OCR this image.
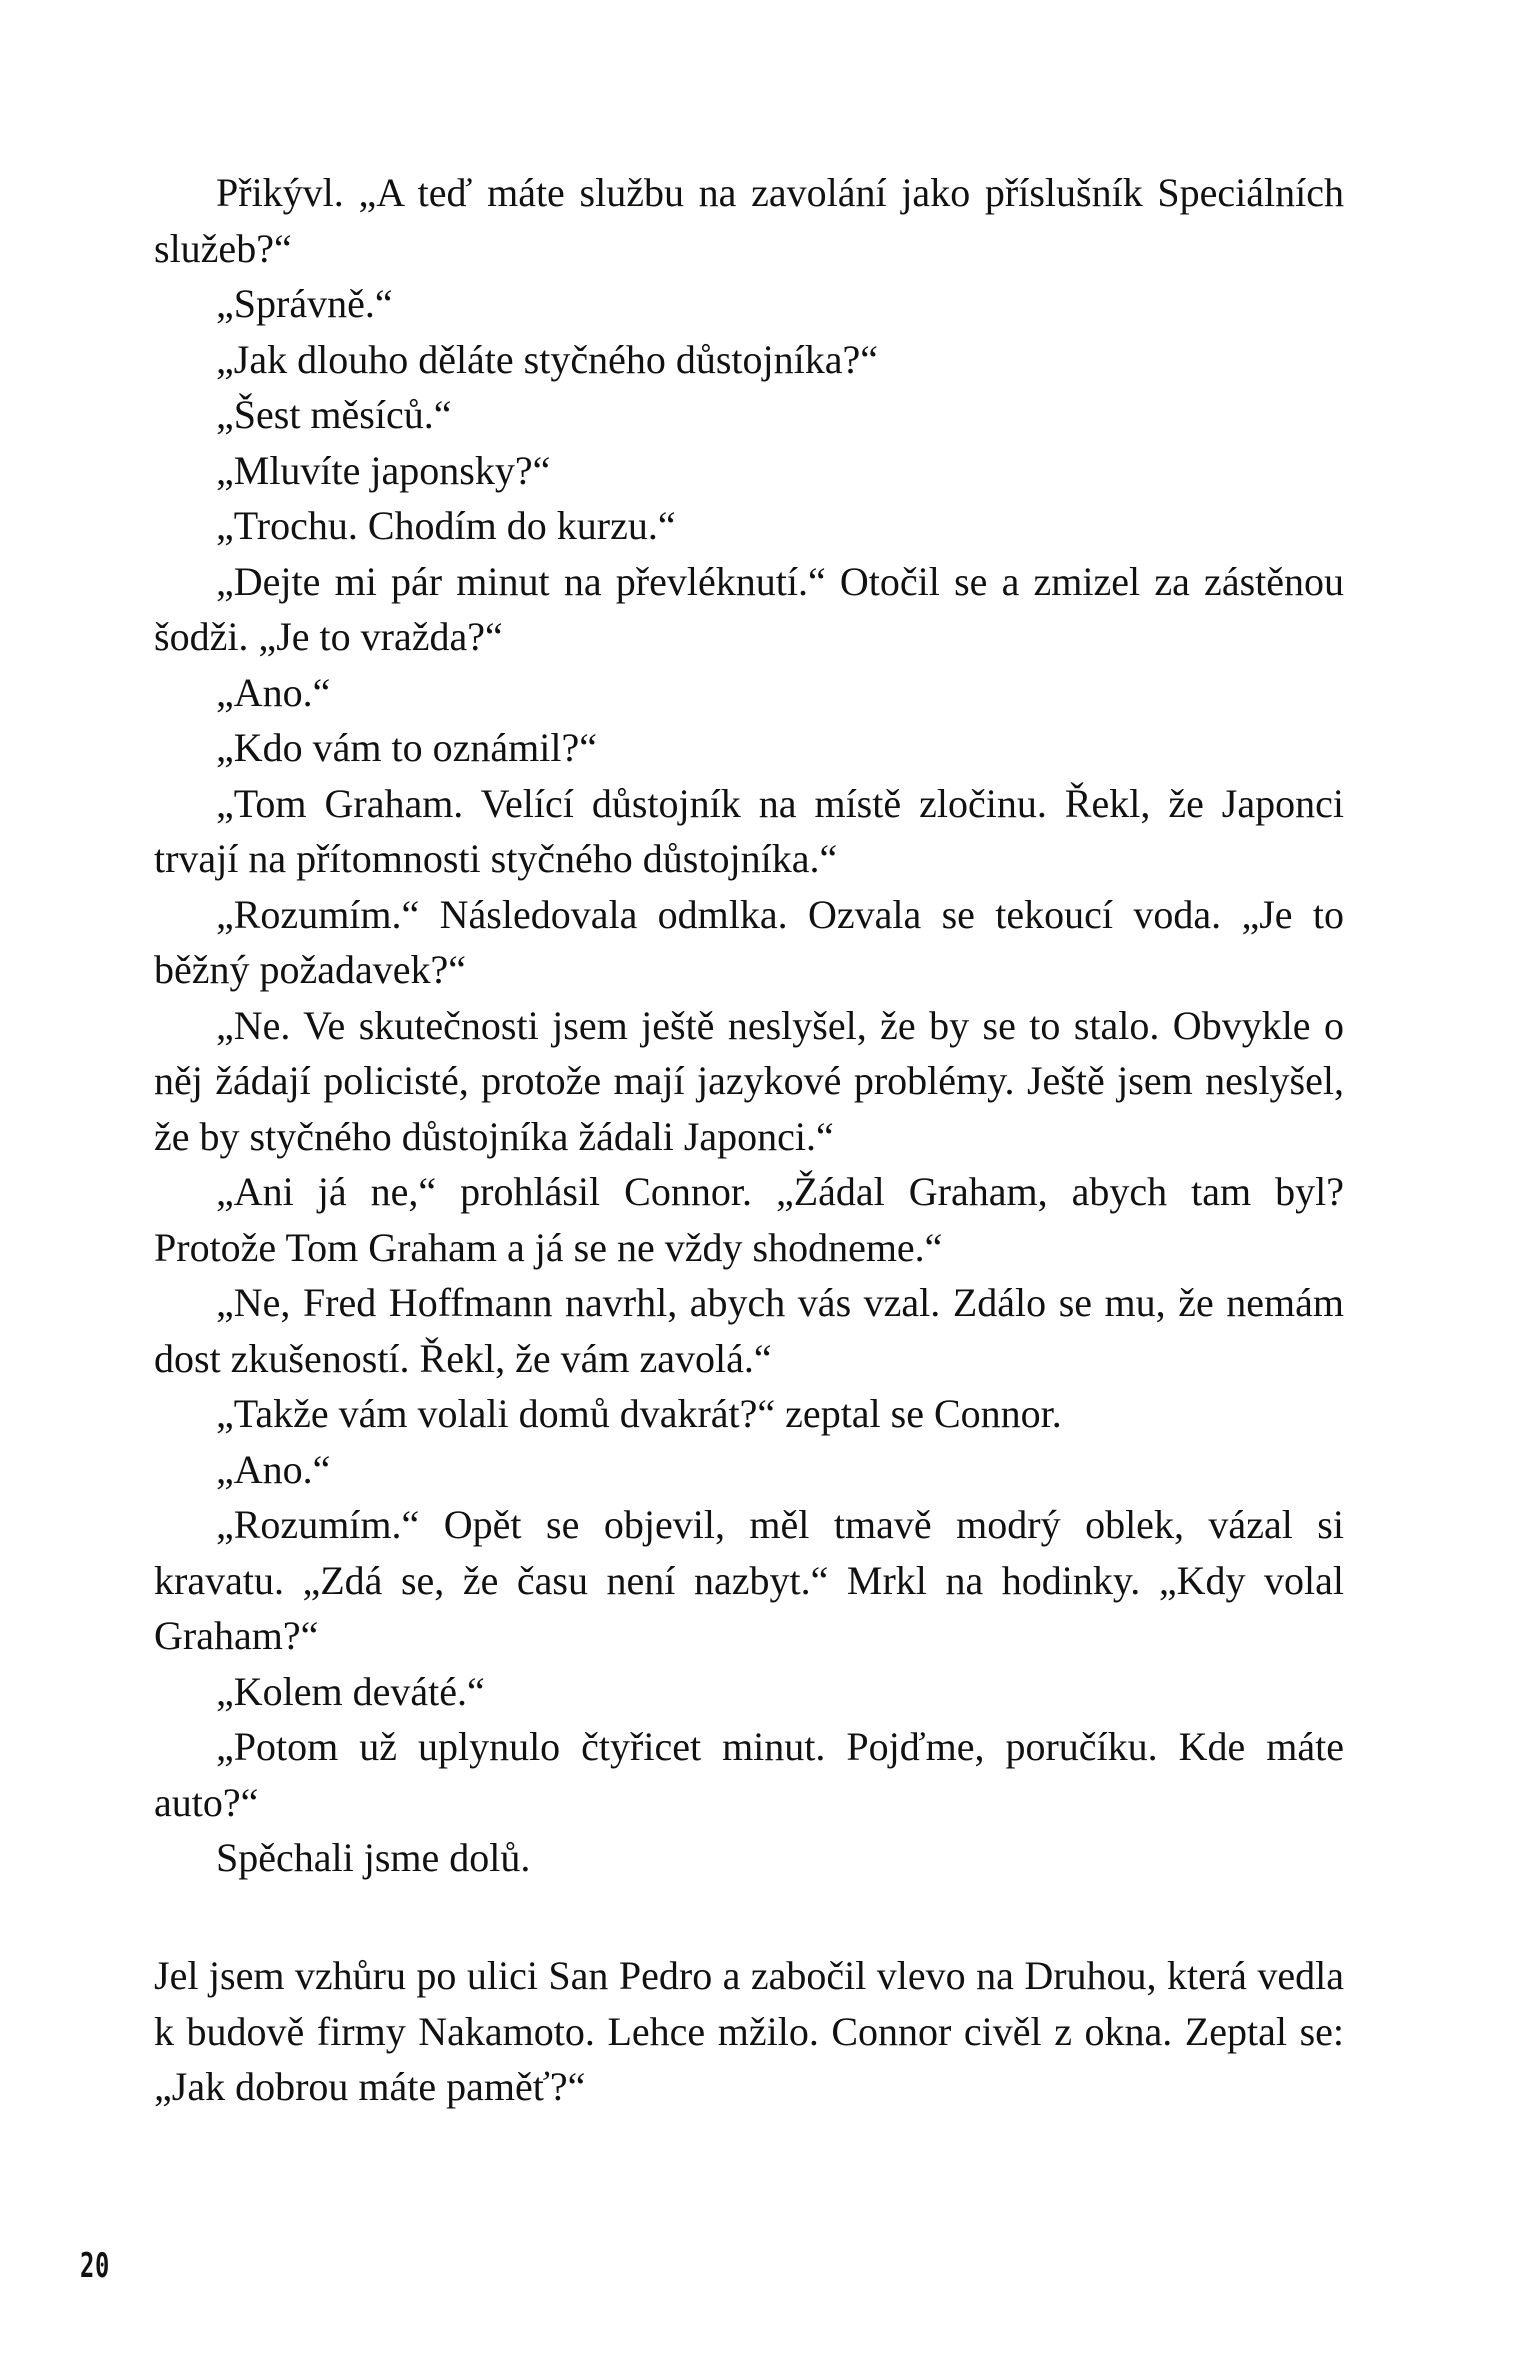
Přikývl. „A teď máte službu na zavolání jako příslušník Speciálních služeb?“

„Správně.“

„Jak dlouho děláte styčného důstojníka?“

„Šest měsíců.“

„Mluvíte japonsky?“

„Trochu. Chodím do kurzu.“

„Dejte mi pár minut na převléknutí.“ Otočil se a zmizel za zástěnou šodži. „Je to vražda?“

„Ano.“

„Kdo vám to oznámil?“

„Tom Graham. Velící důstojník na místě zločinu. Řekl, že Japonci trvají na přítomnosti styčného důstojníka.“

„Rozumím.“ Následovala odmlka. Ozvala se tekoucí voda. „Je to běžný požadavek?“

„Ne. Ve skutečnosti jsem ještě neslyšel, že by se to stalo. Obvykle o něj žádají policisté, protože mají jazykové problémy. Ještě jsem neslyšel, že by styčného důstojníka žádali Japonci.“

„Ani já ne,“ prohlásil Connor. „Žádal Graham, abych tam byl? Protože Tom Graham a já se ne vždy shodneme.“

„Ne, Fred Hoffmann navrhl, abych vás vzal. Zdálo se mu, že nemám dost zkušeností. Řekl, že vám zavolá.“

„Takže vám volali domů dvakrát?“ zeptal se Connor.

„Ano.“

„Rozumím.“ Opět se objevil, měl tmavě modrý oblek, vázal si kravatu. „Zdá se, že času není nazbyt.“ Mrkl na hodinky. „Kdy volal Graham?“

„Kolem deváté.“

„Potom už uplynulo čtyřicet minut. Pojďme, poručíku. Kde máte auto?“

Spěchali jsme dolů.

Jel jsem vzhůru po ulici San Pedro a zabočil vlevo na Druhou, která vedla k budově firmy Nakamoto. Lehce mžilo. Connor civěl z okna. Zeptal se: „Jak dobrou máte paměť?“

20
